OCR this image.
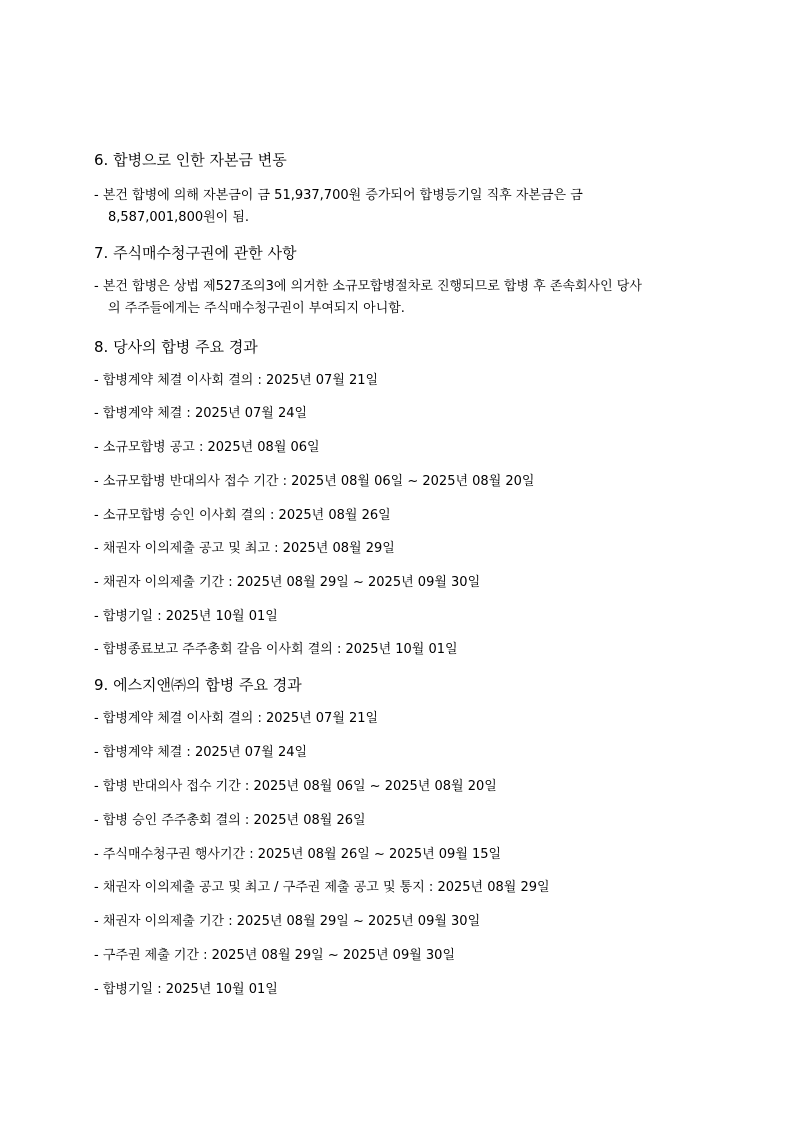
6. 합병으로 인한 자본금 변동
- 본건 합병에 의해 자본금이 금 51,937,700원 증가되어 합병등기일 직후 자본금은 금
8,587,001,800원이 됨.
7. 주식매수청구권에 관한 사항
- 본건 합병은 상법 제527조의3에 의거한 소규모합병절차로 진행되므로 합병 후 존속회사인 당사
의 주주들에게는 주식매수청구권이 부여되지 아니함.
8. 당사의 합병 주요 경과
- 합병계약 체결 이사회 결의 : 2025년 07월 21일
- 합병계약 체결 : 2025년 07월 24일
- 소규모합병 공고 : 2025년 08월 06일
- 소규모합병 반대의사 접수 기간 : 2025년 08월 06일 ~ 2025년 08월 20일
- 소규모합병 승인 이사회 결의 : 2025년 08월 26일
- 채권자 이의제출 공고 및 최고 : 2025년 08월 29일
- 채권자 이의제출 기간 : 2025년 08월 29일 ~ 2025년 09월 30일
- 합병기일 : 2025년 10월 01일
- 합병종료보고 주주총회 갈음 이사회 결의 : 2025년 10월 01일
9. 에스지앤㈜의 합병 주요 경과
- 합병계약 체결 이사회 결의 : 2025년 07월 21일
- 합병계약 체결 : 2025년 07월 24일
- 합병 반대의사 접수 기간 : 2025년 08월 06일 ~ 2025년 08월 20일
- 합병 승인 주주총회 결의 : 2025년 08월 26일
- 주식매수청구권 행사기간 : 2025년 08월 26일 ~ 2025년 09월 15일
- 채권자 이의제출 공고 및 최고 / 구주권 제출 공고 및 통지 : 2025년 08월 29일
- 채권자 이의제출 기간 : 2025년 08월 29일 ~ 2025년 09월 30일
- 구주권 제출 기간 : 2025년 08월 29일 ~ 2025년 09월 30일
- 합병기일 : 2025년 10월 01일
